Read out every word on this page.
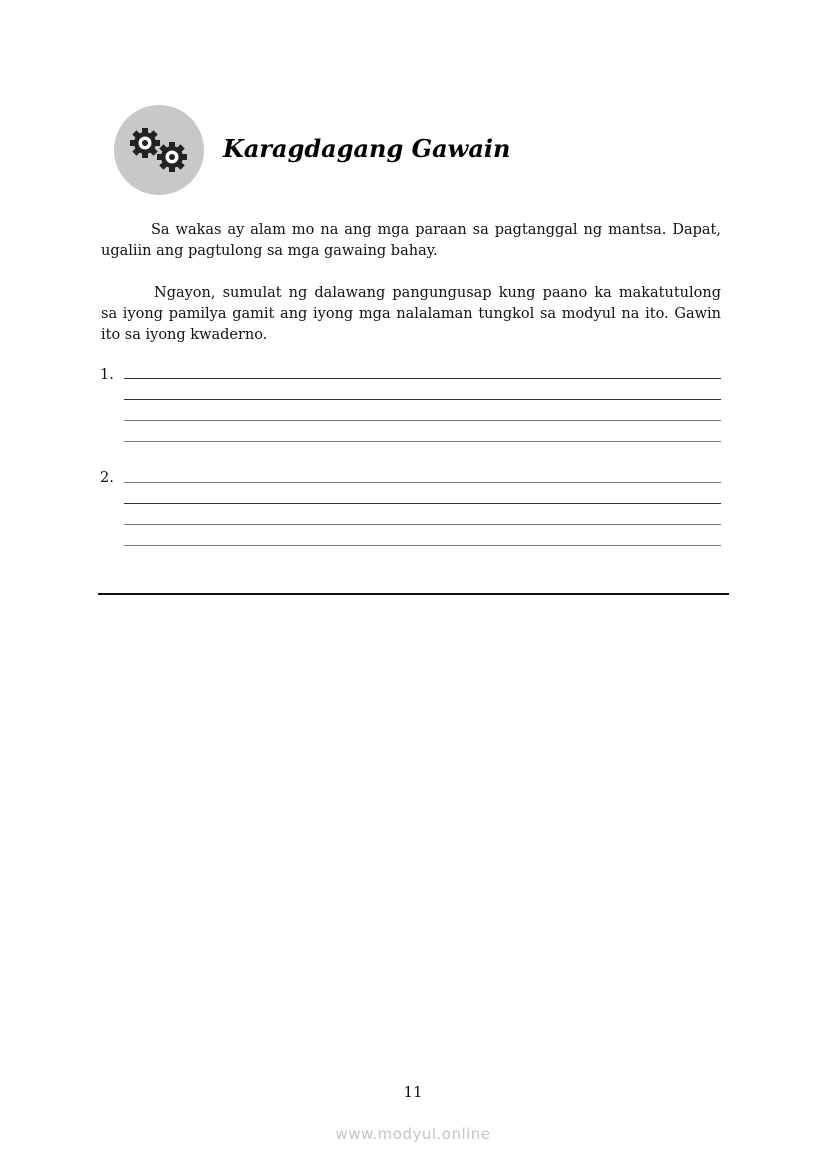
Karagdagang Gawain

Sa wakas ay alam mo na ang mga paraan sa pagtanggal ng mantsa. Dapat, ugaliin ang pagtulong sa mga gawaing bahay.

Ngayon, sumulat ng dalawang pangungusap kung paano ka makatutulong sa iyong pamilya gamit ang iyong mga nalalaman tungkol sa modyul na ito. Gawin ito sa iyong kwaderno.

1.
2.
11
www.modyul.online
